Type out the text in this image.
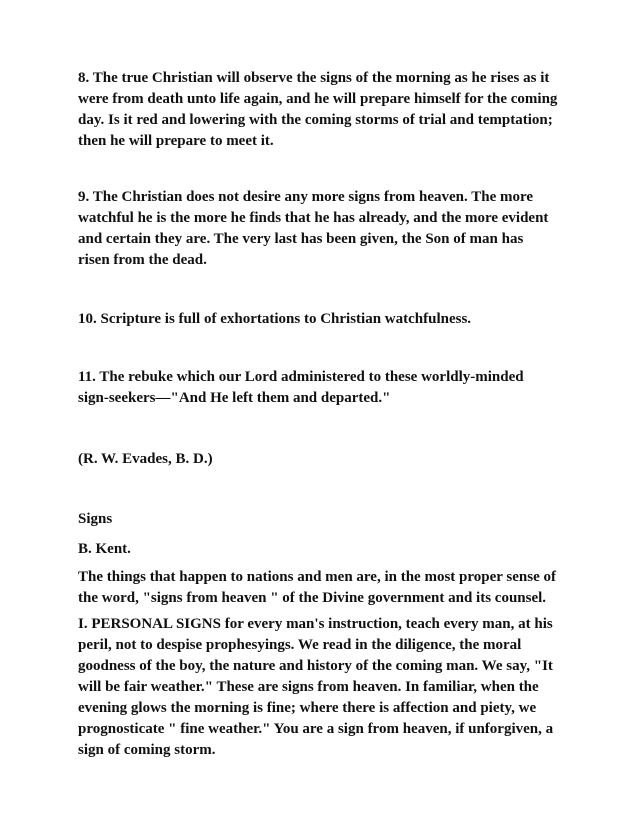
8. The true Christian will observe the signs of the morning as he rises as it were from death unto life again, and he will prepare himself for the coming day. Is it red and lowering with the coming storms of trial and temptation; then he will prepare to meet it.

9. The Christian does not desire any more signs from heaven. The more watchful he is the more he finds that he has already, and the more evident and certain they are. The very last has been given, the Son of man has risen from the dead.

10. Scripture is full of exhortations to Christian watchfulness.

11. The rebuke which our Lord administered to these worldly-minded sign-seekers—"And He left them and departed."

(R. W. Evades, B. D.)

Signs

B. Kent.

The things that happen to nations and men are, in the most proper sense of the word, "signs from heaven " of the Divine government and its counsel.

I. PERSONAL SIGNS for every man's instruction, teach every man, at his peril, not to despise prophesyings. We read in the diligence, the moral goodness of the boy, the nature and history of the coming man. We say, "It will be fair weather." These are signs from heaven. In familiar, when the evening glows the morning is fine; where there is affection and piety, we prognosticate " fine weather." You are a sign from heaven, if unforgiven, a sign of coming storm.
